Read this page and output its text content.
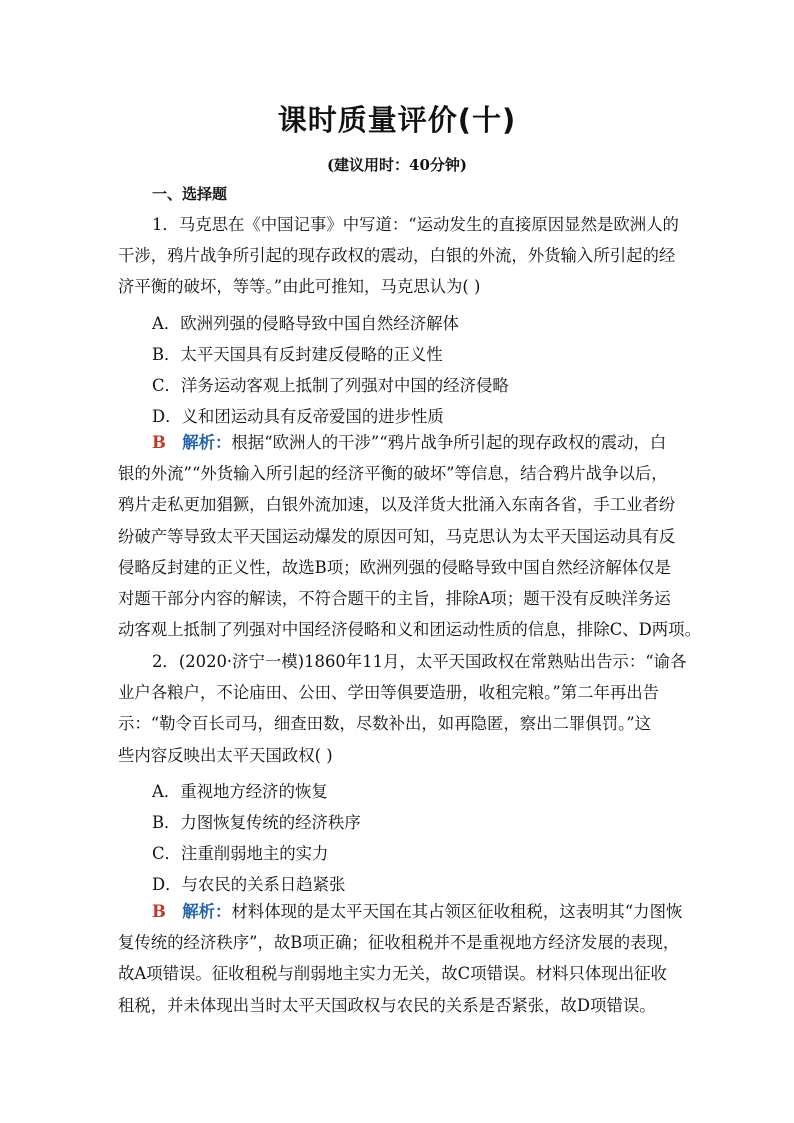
课时质量评价(十)
(建议用时：40分钟)
一、选择题
1．马克思在《中国记事》中写道：“运动发生的直接原因显然是欧洲人的
干涉，鸦片战争所引起的现存政权的震动，白银的外流，外货输入所引起的经
济平衡的破坏，等等。”由此可推知，马克思认为( )
A．欧洲列强的侵略导致中国自然经济解体
B．太平天国具有反封建反侵略的正义性
C．洋务运动客观上抵制了列强对中国的经济侵略
D．义和团运动具有反帝爱国的进步性质
B　 解析：根据“欧洲人的干涉”“鸦片战争所引起的现存政权的震动，白
银的外流”“外货输入所引起的经济平衡的破坏”等信息，结合鸦片战争以后，
鸦片走私更加猖獗，白银外流加速，以及洋货大批涌入东南各省，手工业者纷
纷破产等导致太平天国运动爆发的原因可知，马克思认为太平天国运动具有反
侵略反封建的正义性，故选B项；欧洲列强的侵略导致中国自然经济解体仅是
对题干部分内容的解读，不符合题干的主旨，排除A项；题干没有反映洋务运
动客观上抵制了列强对中国经济侵略和义和团运动性质的信息，排除C、D两项。
2．(2020·济宁一模)1860年11月，太平天国政权在常熟贴出告示：“谕各
业户各粮户，不论庙田、公田、学田等俱要造册，收租完粮。”第二年再出告
示：“勒令百长司马，细查田数，尽数补出，如再隐匿，察出二罪俱罚。”这
些内容反映出太平天国政权( )
A．重视地方经济的恢复
B．力图恢复传统的经济秩序
C．注重削弱地主的实力
D．与农民的关系日趋紧张
B　 解析：材料体现的是太平天国在其占领区征收租税，这表明其“力图恢
复传统的经济秩序”，故B项正确；征收租税并不是重视地方经济发展的表现，
故A项错误。征收租税与削弱地主实力无关，故C项错误。材料只体现出征收
租税，并未体现出当时太平天国政权与农民的关系是否紧张，故D项错误。
